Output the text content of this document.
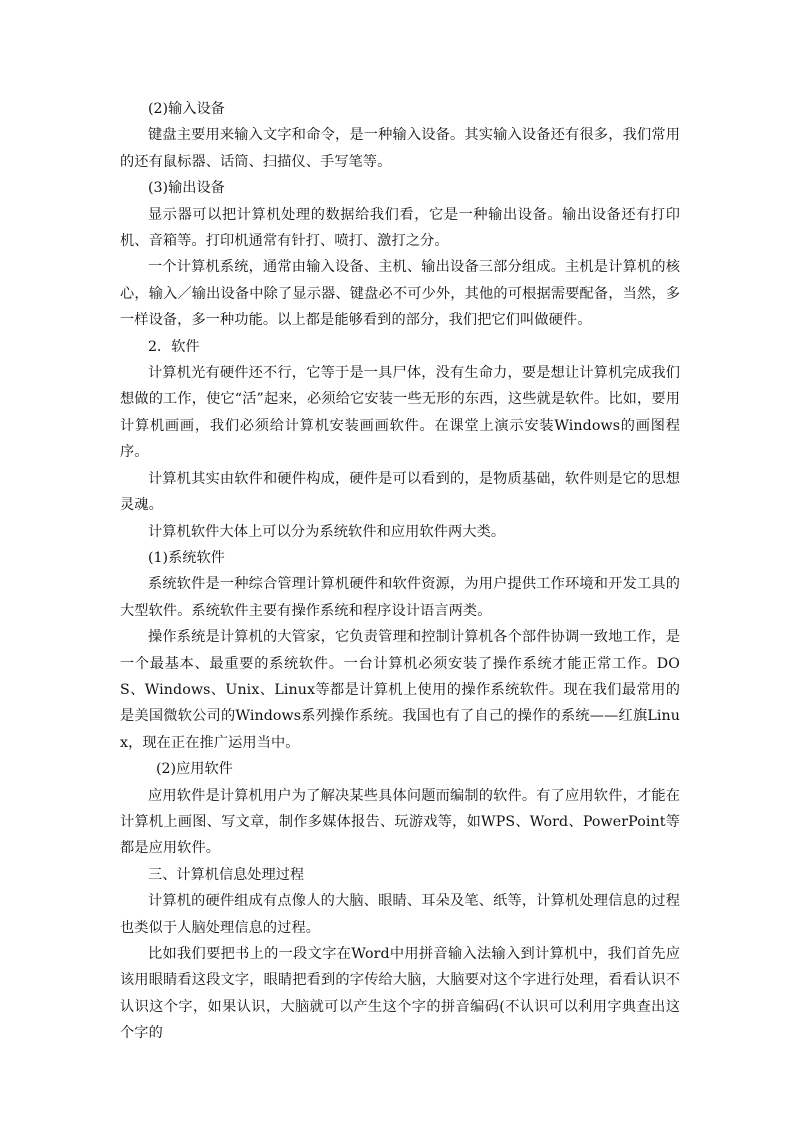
(2)输入设备

键盘主要用来输入文字和命令，是一种输入设备。其实输入设备还有很多，我们常用的还有鼠标器、话筒、扫描仪、手写笔等。

(3)输出设备

显示器可以把计算机处理的数据给我们看，它是一种输出设备。输出设备还有打印机、音箱等。打印机通常有针打、喷打、激打之分。

一个计算机系统，通常由输入设备、主机、输出设备三部分组成。主机是计算机的核心，输入／输出设备中除了显示器、键盘必不可少外，其他的可根据需要配备，当然，多一样设备，多一种功能。以上都是能够看到的部分，我们把它们叫做硬件。

2．软件

计算机光有硬件还不行，它等于是一具尸体，没有生命力，要是想让计算机完成我们想做的工作，使它“活”起来，必须给它安装一些无形的东西，这些就是软件。比如，要用计算机画画，我们必须给计算机安装画画软件。在课堂上演示安装Windows的画图程序。

计算机其实由软件和硬件构成，硬件是可以看到的，是物质基础，软件则是它的思想灵魂。

计算机软件大体上可以分为系统软件和应用软件两大类。

(1)系统软件

系统软件是一种综合管理计算机硬件和软件资源，为用户提供工作环境和开发工具的大型软件。系统软件主要有操作系统和程序设计语言两类。

操作系统是计算机的大管家，它负责管理和控制计算机各个部件协调一致地工作，是一个最基本、最重要的系统软件。一台计算机必须安装了操作系统才能正常工作。DOS、Windows、Unix、Linux等都是计算机上使用的操作系统软件。现在我们最常用的是美国微软公司的Windows系列操作系统。我国也有了自己的操作的系统——红旗Linux，现在正在推广运用当中。

(2)应用软件

应用软件是计算机用户为了解决某些具体问题而编制的软件。有了应用软件，才能在计算机上画图、写文章，制作多媒体报告、玩游戏等，如WPS、Word、PowerPoint等都是应用软件。

三、计算机信息处理过程

计算机的硬件组成有点像人的大脑、眼睛、耳朵及笔、纸等，计算机处理信息的过程也类似于人脑处理信息的过程。

比如我们要把书上的一段文字在Word中用拼音输入法输入到计算机中，我们首先应该用眼睛看这段文字，眼睛把看到的字传给大脑，大脑要对这个字进行处理，看看认识不认识这个字，如果认识，大脑就可以产生这个字的拼音编码(不认识可以利用字典查出这个字的
